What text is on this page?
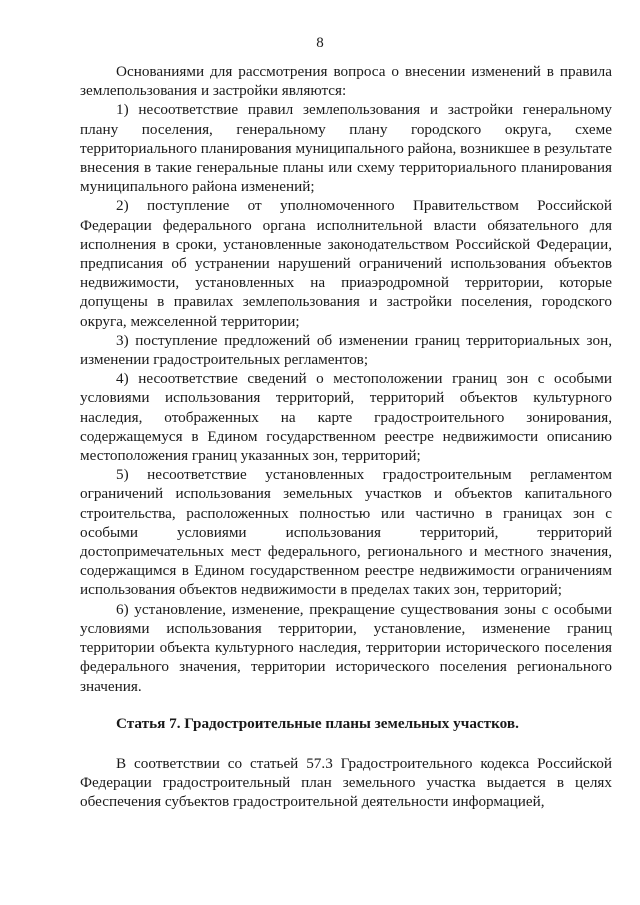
8

Основаниями для рассмотрения вопроса о внесении изменений в правила землепользования и застройки являются:

1) несоответствие правил землепользования и застройки генеральному плану поселения, генеральному плану городского округа, схеме территориального планирования муниципального района, возникшее в результате внесения в такие генеральные планы или схему территориального планирования муниципального района изменений;

2) поступление от уполномоченного Правительством Российской Федерации федерального органа исполнительной власти обязательного для исполнения в сроки, установленные законодательством Российской Федерации, предписания об устранении нарушений ограничений использования объектов недвижимости, установленных на приаэродромной территории, которые допущены в правилах землепользования и застройки поселения, городского округа, межселенной территории;

3) поступление предложений об изменении границ территориальных зон, изменении градостроительных регламентов;

4) несоответствие сведений о местоположении границ зон с особыми условиями использования территорий, территорий объектов культурного наследия, отображенных на карте градостроительного зонирования, содержащемуся в Едином государственном реестре недвижимости описанию местоположения границ указанных зон, территорий;

5) несоответствие установленных градостроительным регламентом ограничений использования земельных участков и объектов капитального строительства, расположенных полностью или частично в границах зон с особыми условиями использования территорий, территорий достопримечательных мест федерального, регионального и местного значения, содержащимся в Едином государственном реестре недвижимости ограничениям использования объектов недвижимости в пределах таких зон, территорий;

6) установление, изменение, прекращение существования зоны с особыми условиями использования территории, установление, изменение границ территории объекта культурного наследия, территории исторического поселения федерального значения, территории исторического поселения регионального значения.

Статья 7. Градостроительные планы земельных участков.

В соответствии со статьей 57.3 Градостроительного кодекса Российской Федерации градостроительный план земельного участка выдается в целях обеспечения субъектов градостроительной деятельности информацией,
